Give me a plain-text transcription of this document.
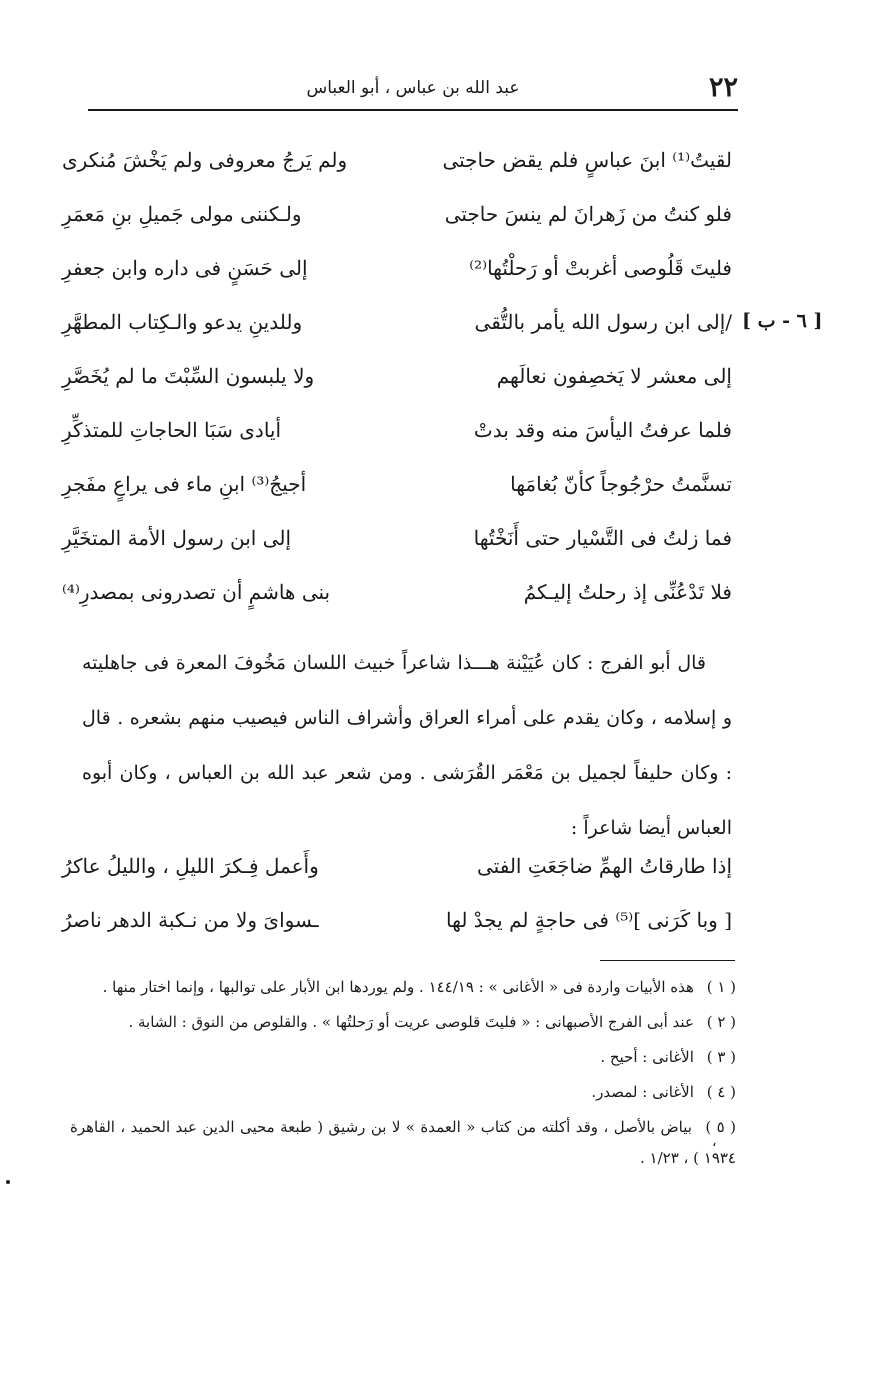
٢٢
عبد الله بن عباس ، أبو العباس
[ ٦ - ب ]
لقيتُ⁽¹⁾ ابنَ عباسٍ فلم يقض حاجتى
ولم يَرجُ معروفى ولم يَخْشَ مُنكرى
فلو كنتُ من زَهرانَ لم ينسَ حاجتى
ولـكننى مولى جَميلِ بنِ مَعمَرِ
فليتَ قَلُوصى أغربتْ أو رَحلْتُها⁽²⁾
إلى حَسَنٍ فى داره وابن جعفرِ
/إلى ابن رسول الله يأمر بالتُّقى
وللدينِ يدعو والـكِتاب المطهَّرِ
إلى معشر لا يَخصِفون نعالَهم
ولا يلبسون السِّبْتَ ما لم يُخَصَّرِ
فلما عرفتُ اليأسَ منه وقد بدتْ
أيادى سَبَا الحاجاتِ للمتذكِّرِ
تسنَّمتُ حرْجُوجاً كأنّ بُغامَها
أجيجُ⁽³⁾ ابنِ ماء فى يراعٍ مفَجرِ
فما زلتُ فى التَّسْيار حتى أَنَخْتُها
إلى ابن رسول الأمة المتخَيَّرِ
فلا تَدْعُنِّى إذ رحلتُ إليـكمُ
بنى هاشمٍ أن تصدرونى بمصدرِ⁽⁴⁾

قال أبو الفرج : كان عُيَيْنة هـــذا شاعراً خبيث اللسان مَخُوفَ المعرة فى جاهليته و إسلامه ، وكان يقدم على أمراء العراق وأشراف الناس فيصيب منهم بشعره . قال : وكان حليفاً لجميل بن مَعْمَر القُرَشى . ومن شعر عبد الله بن العباس ، وكان أبوه العباس أيضا شاعراً :

إذا طارقاتُ الهمِّ ضاجَعَتِ الفتى
وأَعمل فِـكرَ الليلِ ، والليلُ عاكرُ
[ وبا كَرَنى ]⁽⁵⁾ فى حاجةٍ لم يجدْ لها
ـسواىَ ولا من نـكبة الدهر ناصرُ

( ١ ) هذه الأبيات واردة فى « الأغانى » : ١٤٤/١٩ . ولم يوردها ابن الأبار على توالبها ، وإنما اختار منها .

( ٢ ) عند أبى الفرج الأصبهانى : « فليتَ قلوصى عريت أو رَحلتُها » . والقلوص من النوق : الشابة .

( ٣ ) الأغانى : أحيح .

( ٤ ) الأغانى : لمصدر.

( ٥ ) بياض بالأصل ، وقد أكلته من كتاب « العمدة » لا بن رشيق ( طبعة محيى الدين عبد الحميد ، القاهرة ١٩٣٤ ) ، ١/٢٣ .

،
